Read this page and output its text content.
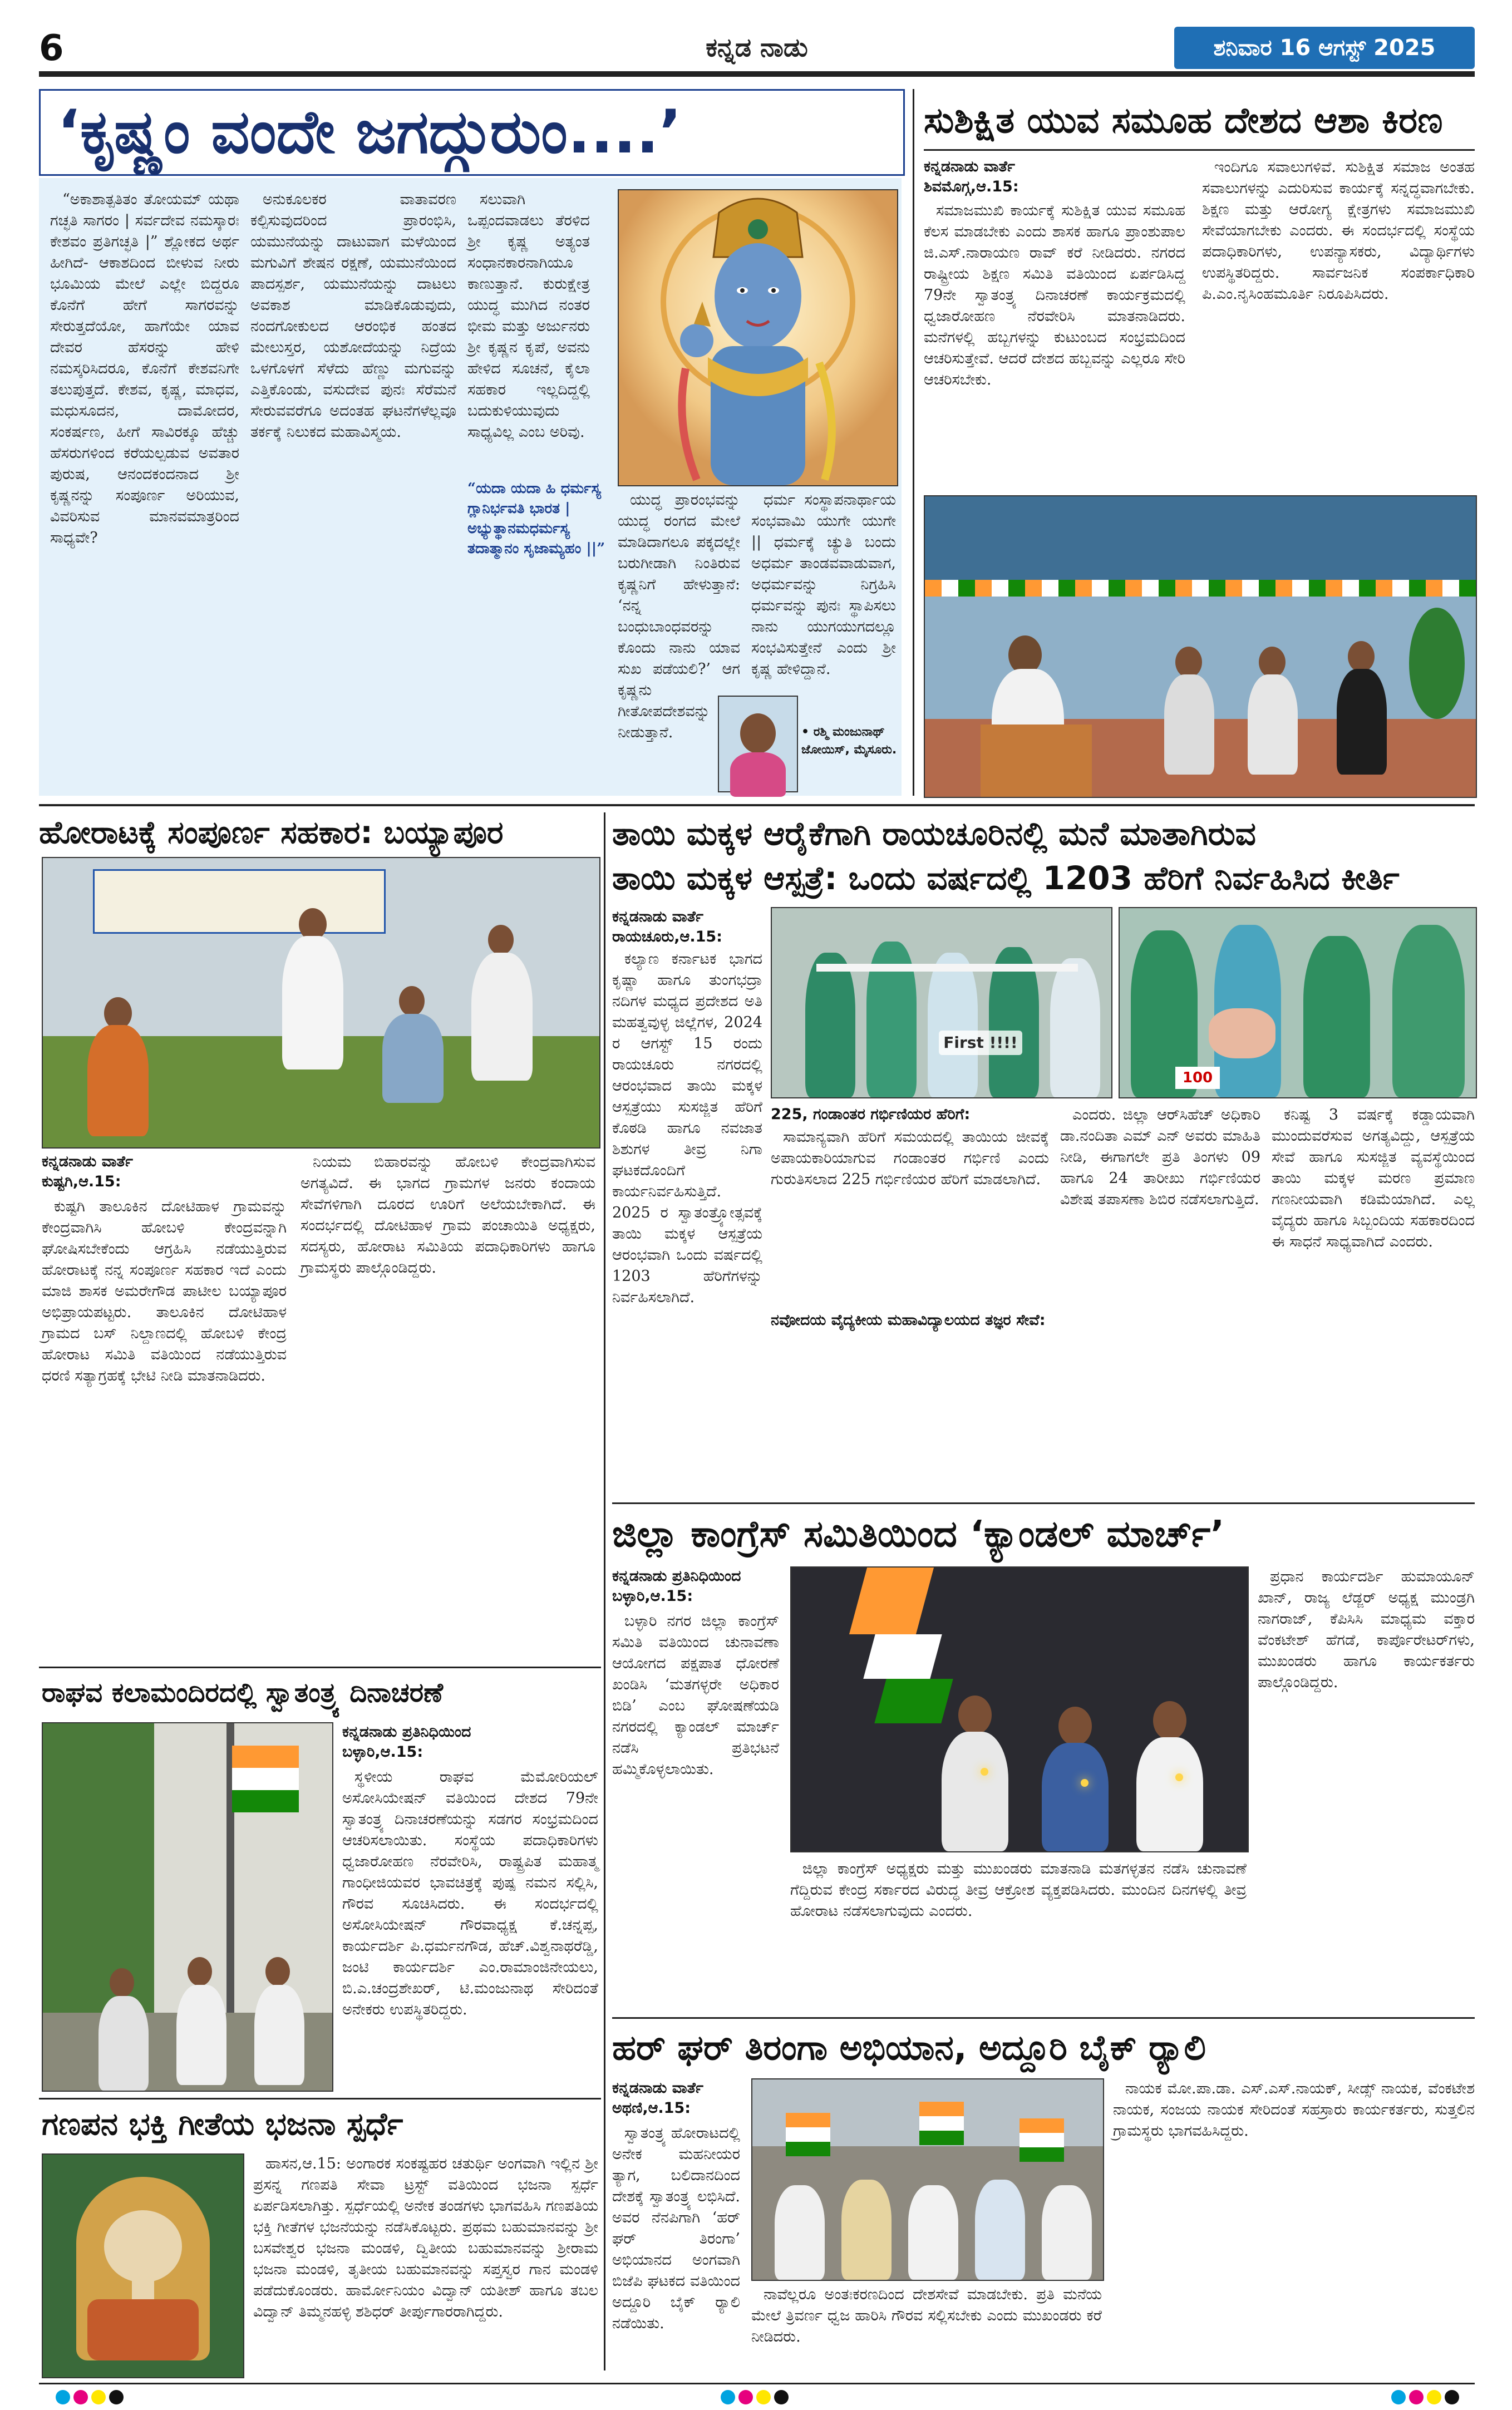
6	ಕನ್ನಡ ನಾಡು	ಶನಿವಾರ 16 ಆಗಸ್ಟ್ 2025
‘ಕೃಷ್ಣಂ ವಂದೇ ಜಗದ್ಗುರುಂ....’

“ಅಕಾಶಾತ್ಪತಿತಂ ತೋಯಮ್ ಯಥಾ ಗಚ್ಛತಿ ಸಾಗರಂ | ಸರ್ವದೇವ ನಮಸ್ಕಾರಃ ಕೇಶವಂ ಪ್ರತಿಗಚ್ಛತಿ |” ಶ್ಲೋಕದ ಅರ್ಥ ಹೀಗಿದೆ- ಆಕಾಶದಿಂದ ಬೀಳುವ ನೀರು ಭೂಮಿಯ ಮೇಲೆ ಎಲ್ಲೇ ಬಿದ್ದರೂ ಕೊನೆಗೆ ಹೇಗೆ ಸಾಗರವನ್ನು ಸೇರುತ್ತದೆಯೋ, ಹಾಗೆಯೇ ಯಾವ ದೇವರ ಹೆಸರನ್ನು ಹೇಳಿ ನಮಸ್ಕರಿಸಿದರೂ, ಕೊನೆಗೆ ಕೇಶವನಿಗೇ ತಲುಪುತ್ತದೆ. ಕೇಶವ, ಕೃಷ್ಣ, ಮಾಧವ, ಮಧುಸೂದನ, ದಾಮೋದರ, ಸಂಕರ್ಷಣ, ಹೀಗೆ ಸಾವಿರಕ್ಕೂ ಹೆಚ್ಚು ಹೆಸರುಗಳಿಂದ ಕರೆಯಲ್ಪಡುವ ಅವತಾರ ಪುರುಷ, ಆನಂದಕಂದನಾದ ಶ್ರೀ ಕೃಷ್ಣನನ್ನು ಸಂಪೂರ್ಣ ಅರಿಯುವ, ವಿವರಿಸುವ ಮಾನವಮಾತ್ರರಿಂದ ಸಾಧ್ಯವೇ?

ಅನುಕೂಲಕರ ವಾತಾವರಣ ಕಲ್ಪಿಸುವುದರಿಂದ ಪ್ರಾರಂಭಿಸಿ, ಯಮುನೆಯನ್ನು ದಾಟುವಾಗ ಮಳೆಯಿಂದ ಮಗುವಿಗೆ ಶೇಷನ ರಕ್ಷಣೆ, ಯಮುನೆಯಿಂದ ಪಾದಸ್ಪರ್ಶ, ಯಮುನೆಯನ್ನು ದಾಟಲು ಅವಕಾಶ ಮಾಡಿಕೊಡುವುದು, ನಂದಗೋಕುಲದ ಆರಂಭಿಕ ಹಂತದ ಮೇಲುಸ್ತರ, ಯಶೋದೆಯನ್ನು ನಿದ್ರೆಯ ಒಳಗೊಳಗೆ ಸೆಳೆದು ಹೆಣ್ಣು ಮಗುವನ್ನು ಎತ್ತಿಕೊಂಡು, ವಸುದೇವ ಪುನಃ ಸೆರೆಮನೆ ಸೇರುವವರೆಗೂ ಅದಂತಹ ಘಟನೆಗಳೆಲ್ಲವೂ ತರ್ಕಕ್ಕೆ ನಿಲುಕದ ಮಹಾವಿಸ್ಮಯ.

ಸಲುವಾಗಿ ಒಪ್ಪಂದವಾಡಲು ತೆರಳಿದ ಶ್ರೀ ಕೃಷ್ಣ ಅತ್ಯಂತ ಸಂಧಾನಕಾರನಾಗಿಯೂ ಕಾಣುತ್ತಾನೆ. ಕುರುಕ್ಷೇತ್ರ ಯುದ್ಧ ಮುಗಿದ ನಂತರ ಭೀಮ ಮತ್ತು ಅರ್ಜುನರು ಶ್ರೀ ಕೃಷ್ಣನ ಕೃಪೆ, ಅವನು ಹೇಳಿದ ಸೂಚನೆ, ಕೈಲಾ ಸಹಕಾರ ಇಲ್ಲದಿದ್ದಲ್ಲಿ ಬದುಕುಳಿಯುವುದು ಸಾಧ್ಯವಿಲ್ಲ ಎಂಬ ಅರಿವು.

ಯುದ್ಧ ಪ್ರಾರಂಭವನ್ನು ಯುದ್ಧ ರಂಗದ ಮೇಲೆ ಮಾಡಿದಾಗಲೂ ಪಕ್ಕದಲ್ಲೇ ಬರುಗೀಡಾಗಿ ನಿಂತಿರುವ ಕೃಷ್ಣನಿಗೆ ಹೇಳುತ್ತಾನೆ: ‘ನನ್ನ ಬಂಧುಬಾಂಧವರನ್ನು ಕೊಂದು ನಾನು ಯಾವ ಸುಖ ಪಡೆಯಲಿ?’ ಆಗ ಕೃಷ್ಣನು ಗೀತೋಪದೇಶವನ್ನು ನೀಡುತ್ತಾನೆ.

ಧರ್ಮ ಸಂಸ್ಥಾಪನಾರ್ಥಾಯ ಸಂಭವಾಮಿ ಯುಗೇ ಯುಗೇ || ಧರ್ಮಕ್ಕೆ ಚ್ಯುತಿ ಬಂದು ಅಧರ್ಮ ತಾಂಡವವಾಡುವಾಗ, ಅಧರ್ಮವನ್ನು ನಿಗ್ರಹಿಸಿ ಧರ್ಮವನ್ನು ಪುನಃ ಸ್ಥಾಪಿಸಲು ನಾನು ಯುಗಯುಗದಲ್ಲೂ ಸಂಭವಿಸುತ್ತೇನೆ ಎಂದು ಶ್ರೀ ಕೃಷ್ಣ ಹೇಳಿದ್ದಾನೆ.

“ಯದಾ ಯದಾ ಹಿ ಧರ್ಮಸ್ಯ ಗ್ಲಾನಿರ್ಭವತಿ ಭಾರತ | ಅಭ್ಯುತ್ಥಾನಮಧರ್ಮಸ್ಯ ತದಾತ್ಮಾನಂ ಸೃಜಾಮ್ಯಹಂ ||”
• ರಶ್ಮಿ ಮಂಜುನಾಥ್ ಜೋಯಿಸ್, ಮೈಸೂರು.
ಸುಶಿಕ್ಷಿತ ಯುವ ಸಮೂಹ ದೇಶದ ಆಶಾ ಕಿರಣ
ಕನ್ನಡನಾಡು ವಾರ್ತೆ
ಶಿವಮೊಗ್ಗ,ಆ.15:

ಸಮಾಜಮುಖಿ ಕಾರ್ಯಕ್ಕೆ ಸುಶಿಕ್ಷಿತ ಯುವ ಸಮೂಹ ಕೆಲಸ ಮಾಡಬೇಕು ಎಂದು ಶಾಸಕ ಹಾಗೂ ಪ್ರಾಂಶುಪಾಲ ಜಿ.ಎಸ್.ನಾರಾಯಣ ರಾವ್ ಕರೆ ನೀಡಿದರು. ನಗರದ ರಾಷ್ಟ್ರೀಯ ಶಿಕ್ಷಣ ಸಮಿತಿ ವತಿಯಿಂದ ಏರ್ಪಡಿಸಿದ್ದ 79ನೇ ಸ್ವಾತಂತ್ರ್ಯ ದಿನಾಚರಣೆ ಕಾರ್ಯಕ್ರಮದಲ್ಲಿ ಧ್ವಜಾರೋಹಣ ನೆರವೇರಿಸಿ ಮಾತನಾಡಿದರು. ಮನೆಗಳಲ್ಲಿ ಹಬ್ಬಗಳನ್ನು ಕುಟುಂಬದ ಸಂಭ್ರಮದಿಂದ ಆಚರಿಸುತ್ತೇವೆ. ಆದರೆ ದೇಶದ ಹಬ್ಬವನ್ನು ಎಲ್ಲರೂ ಸೇರಿ ಆಚರಿಸಬೇಕು.

ಇಂದಿಗೂ ಸವಾಲುಗಳಿವೆ. ಸುಶಿಕ್ಷಿತ ಸಮಾಜ ಅಂತಹ ಸವಾಲುಗಳನ್ನು ಎದುರಿಸುವ ಕಾರ್ಯಕ್ಕೆ ಸನ್ನದ್ಧವಾಗಬೇಕು. ಶಿಕ್ಷಣ ಮತ್ತು ಆರೋಗ್ಯ ಕ್ಷೇತ್ರಗಳು ಸಮಾಜಮುಖಿ ಸೇವೆಯಾಗಬೇಕು ಎಂದರು. ಈ ಸಂದರ್ಭದಲ್ಲಿ ಸಂಸ್ಥೆಯ ಪದಾಧಿಕಾರಿಗಳು, ಉಪನ್ಯಾಸಕರು, ವಿದ್ಯಾರ್ಥಿಗಳು ಉಪಸ್ಥಿತರಿದ್ದರು. ಸಾರ್ವಜನಿಕ ಸಂಪರ್ಕಾಧಿಕಾರಿ ಪಿ.ಎಂ.ನೃಸಿಂಹಮೂರ್ತಿ ನಿರೂಪಿಸಿದರು.

ಹೋರಾಟಕ್ಕೆ ಸಂಪೂರ್ಣ ಸಹಕಾರ: ಬಯ್ಯಾಪೂರ
ಕನ್ನಡನಾಡು ವಾರ್ತೆ
ಕುಷ್ಟಗಿ,ಆ.15:

ಕುಷ್ಟಗಿ ತಾಲೂಕಿನ ದೋಟಿಹಾಳ ಗ್ರಾಮವನ್ನು ಕೇಂದ್ರವಾಗಿಸಿ ಹೋಬಳಿ ಕೇಂದ್ರವನ್ನಾಗಿ ಘೋಷಿಸಬೇಕೆಂದು ಆಗ್ರಹಿಸಿ ನಡೆಯುತ್ತಿರುವ ಹೋರಾಟಕ್ಕೆ ನನ್ನ ಸಂಪೂರ್ಣ ಸಹಕಾರ ಇದೆ ಎಂದು ಮಾಜಿ ಶಾಸಕ ಅಮರೇಗೌಡ ಪಾಟೀಲ ಬಯ್ಯಾಪೂರ ಅಭಿಪ್ರಾಯಪಟ್ಟರು. ತಾಲೂಕಿನ ದೋಟಿಹಾಳ ಗ್ರಾಮದ ಬಸ್ ನಿಲ್ದಾಣದಲ್ಲಿ ಹೋಬಳಿ ಕೇಂದ್ರ ಹೋರಾಟ ಸಮಿತಿ ವತಿಯಿಂದ ನಡೆಯುತ್ತಿರುವ ಧರಣಿ ಸತ್ಯಾಗ್ರಹಕ್ಕೆ ಭೇಟಿ ನೀಡಿ ಮಾತನಾಡಿದರು.

ನಿಯಮ ಬಿಹಾರವನ್ನು ಹೋಬಳಿ ಕೇಂದ್ರವಾಗಿಸುವ ಅಗತ್ಯವಿದೆ. ಈ ಭಾಗದ ಗ್ರಾಮಗಳ ಜನರು ಕಂದಾಯ ಸೇವೆಗಳಿಗಾಗಿ ದೂರದ ಊರಿಗೆ ಅಲೆಯಬೇಕಾಗಿದೆ. ಈ ಸಂದರ್ಭದಲ್ಲಿ ದೋಟಿಹಾಳ ಗ್ರಾಮ ಪಂಚಾಯಿತಿ ಅಧ್ಯಕ್ಷರು, ಸದಸ್ಯರು, ಹೋರಾಟ ಸಮಿತಿಯ ಪದಾಧಿಕಾರಿಗಳು ಹಾಗೂ ಗ್ರಾಮಸ್ಥರು ಪಾಲ್ಗೊಂಡಿದ್ದರು.

ರಾಘವ ಕಲಾಮಂದಿರದಲ್ಲಿ ಸ್ವಾತಂತ್ರ್ಯ ದಿನಾಚರಣೆ
ಕನ್ನಡನಾಡು ಪ್ರತಿನಿಧಿಯಿಂದ
ಬಳ್ಳಾರಿ,ಆ.15:

ಸ್ಥಳೀಯ ರಾಘವ ಮೆಮೋರಿಯಲ್ ಅಸೋಸಿಯೇಷನ್ ವತಿಯಿಂದ ದೇಶದ 79ನೇ ಸ್ವಾತಂತ್ರ್ಯ ದಿನಾಚರಣೆಯನ್ನು ಸಡಗರ ಸಂಭ್ರಮದಿಂದ ಆಚರಿಸಲಾಯಿತು. ಸಂಸ್ಥೆಯ ಪದಾಧಿಕಾರಿಗಳು ಧ್ವಜಾರೋಹಣ ನೆರವೇರಿಸಿ, ರಾಷ್ಟ್ರಪಿತ ಮಹಾತ್ಮ ಗಾಂಧೀಜಿಯವರ ಭಾವಚಿತ್ರಕ್ಕೆ ಪುಷ್ಪ ನಮನ ಸಲ್ಲಿಸಿ, ಗೌರವ ಸೂಚಿಸಿದರು. ಈ ಸಂದರ್ಭದಲ್ಲಿ ಅಸೋಸಿಯೇಷನ್ ಗೌರವಾಧ್ಯಕ್ಷ ಕೆ.ಚನ್ನಪ್ಪ, ಕಾರ್ಯದರ್ಶಿ ಪಿ.ಧರ್ಮನಗೌಡ, ಹೆಚ್.ವಿಶ್ವನಾಥರೆಡ್ಡಿ, ಜಂಟಿ ಕಾರ್ಯದರ್ಶಿ ಎಂ.ರಾಮಾಂಜಿನೇಯಲು, ಬಿ.ಎ.ಚಂದ್ರಶೇಖರ್, ಟಿ.ಮಂಜುನಾಥ ಸೇರಿದಂತೆ ಅನೇಕರು ಉಪಸ್ಥಿತರಿದ್ದರು.

ಗಣಪನ ಭಕ್ತಿ ಗೀತೆಯ ಭಜನಾ ಸ್ಪರ್ಧೆ

ಹಾಸನ,ಆ.15: ಅಂಗಾರಕ ಸಂಕಷ್ಟಹರ ಚತುರ್ಥಿ ಅಂಗವಾಗಿ ಇಲ್ಲಿನ ಶ್ರೀ ಪ್ರಸನ್ನ ಗಣಪತಿ ಸೇವಾ ಟ್ರಸ್ಟ್ ವತಿಯಿಂದ ಭಜನಾ ಸ್ಪರ್ಧೆ ಏರ್ಪಡಿಸಲಾಗಿತ್ತು. ಸ್ಪರ್ಧೆಯಲ್ಲಿ ಅನೇಕ ತಂಡಗಳು ಭಾಗವಹಿಸಿ ಗಣಪತಿಯ ಭಕ್ತಿ ಗೀತೆಗಳ ಭಜನೆಯನ್ನು ನಡೆಸಿಕೊಟ್ಟರು. ಪ್ರಥಮ ಬಹುಮಾನವನ್ನು ಶ್ರೀ ಬಸವೇಶ್ವರ ಭಜನಾ ಮಂಡಳಿ, ದ್ವಿತೀಯ ಬಹುಮಾನವನ್ನು ಶ್ರೀರಾಮ ಭಜನಾ ಮಂಡಳಿ, ತೃತೀಯ ಬಹುಮಾನವನ್ನು ಸಪ್ತಸ್ವರ ಗಾನ ಮಂಡಳಿ ಪಡೆದುಕೊಂಡರು. ಹಾರ್ಮೋನಿಯಂ ವಿದ್ವಾನ್ ಯತೀಶ್ ಹಾಗೂ ತಬಲ ವಿದ್ವಾನ್ ತಿಮ್ಮನಹಳ್ಳಿ ಶಶಿಧರ್ ತೀರ್ಪುಗಾರರಾಗಿದ್ದರು.

ತಾಯಿ ಮಕ್ಕಳ ಆರೈಕೆಗಾಗಿ ರಾಯಚೂರಿನಲ್ಲಿ ಮನೆ ಮಾತಾಗಿರುವ
ತಾಯಿ ಮಕ್ಕಳ ಆಸ್ಪತ್ರೆ: ಒಂದು ವರ್ಷದಲ್ಲಿ 1203 ಹೆರಿಗೆ ನಿರ್ವಹಿಸಿದ ಕೀರ್ತಿ
ಕನ್ನಡನಾಡು ವಾರ್ತೆ
ರಾಯಚೂರು,ಆ.15:

ಕಲ್ಯಾಣ ಕರ್ನಾಟಕ ಭಾಗದ ಕೃಷ್ಣಾ ಹಾಗೂ ತುಂಗಭದ್ರಾ ನದಿಗಳ ಮಧ್ಯದ ಪ್ರದೇಶದ ಅತಿ ಮಹತ್ವವುಳ್ಳ ಜಿಲ್ಲೆಗಳ, 2024 ರ ಆಗಸ್ಟ್ 15 ರಂದು ರಾಯಚೂರು ನಗರದಲ್ಲಿ ಆರಂಭವಾದ ತಾಯಿ ಮಕ್ಕಳ ಆಸ್ಪತ್ರೆಯು ಸುಸಜ್ಜಿತ ಹೆರಿಗೆ ಕೊಠಡಿ ಹಾಗೂ ನವಜಾತ ಶಿಶುಗಳ ತೀವ್ರ ನಿಗಾ ಘಟಕದೊಂದಿಗೆ ಕಾರ್ಯನಿರ್ವಹಿಸುತ್ತಿದೆ. 2025 ರ ಸ್ವಾತಂತ್ರ್ಯೋತ್ಸವಕ್ಕೆ ತಾಯಿ ಮಕ್ಕಳ ಆಸ್ಪತ್ರೆಯ ಆರಂಭವಾಗಿ ಒಂದು ವರ್ಷದಲ್ಲಿ 1203 ಹೆರಿಗೆಗಳನ್ನು ನಿರ್ವಹಿಸಲಾಗಿದೆ.

First !!!!
100
225, ಗಂಡಾಂತರ ಗರ್ಭಿಣಿಯರ ಹೆರಿಗೆ:

ಸಾಮಾನ್ಯವಾಗಿ ಹೆರಿಗೆ ಸಮಯದಲ್ಲಿ ತಾಯಿಯ ಜೀವಕ್ಕೆ ಅಪಾಯಕಾರಿಯಾಗುವ ಗಂಡಾಂತರ ಗರ್ಭಿಣಿ ಎಂದು ಗುರುತಿಸಲಾದ 225 ಗರ್ಭಿಣಿಯರ ಹೆರಿಗೆ ಮಾಡಲಾಗಿದೆ.

ನವೋದಯ ವೈದ್ಯಕೀಯ ಮಹಾವಿದ್ಯಾಲಯದ ತಜ್ಞರ ಸೇವೆ:

ಎಂದರು. ಜಿಲ್ಲಾ ಆರ್‌ಸಿಹೆಚ್ ಅಧಿಕಾರಿ ಡಾ.ನಂದಿತಾ ಎಮ್ ಎನ್ ಅವರು ಮಾಹಿತಿ ನೀಡಿ, ಈಗಾಗಲೇ ಪ್ರತಿ ತಿಂಗಳು 09 ಹಾಗೂ 24 ತಾರೀಖು ಗರ್ಭಿಣಿಯರ ವಿಶೇಷ ತಪಾಸಣಾ ಶಿಬಿರ ನಡೆಸಲಾಗುತ್ತಿದೆ.

ಕನಿಷ್ಟ 3 ವರ್ಷಕ್ಕೆ ಕಡ್ಡಾಯವಾಗಿ ಮುಂದುವರೆಸುವ ಅಗತ್ಯವಿದ್ದು, ಆಸ್ಪತ್ರೆಯ ಸೇವೆ ಹಾಗೂ ಸುಸಜ್ಜಿತ ವ್ಯವಸ್ಥೆಯಿಂದ ತಾಯಿ ಮಕ್ಕಳ ಮರಣ ಪ್ರಮಾಣ ಗಣನೀಯವಾಗಿ ಕಡಿಮೆಯಾಗಿದೆ. ಎಲ್ಲ ವೈದ್ಯರು ಹಾಗೂ ಸಿಬ್ಬಂದಿಯ ಸಹಕಾರದಿಂದ ಈ ಸಾಧನೆ ಸಾಧ್ಯವಾಗಿದೆ ಎಂದರು.

ಜಿಲ್ಲಾ ಕಾಂಗ್ರೆಸ್ ಸಮಿತಿಯಿಂದ ‘ಕ್ಯಾಂಡಲ್ ಮಾರ್ಚ್’
ಕನ್ನಡನಾಡು ಪ್ರತಿನಿಧಿಯಿಂದ
ಬಳ್ಳಾರಿ,ಆ.15:

ಬಳ್ಳಾರಿ ನಗರ ಜಿಲ್ಲಾ ಕಾಂಗ್ರೆಸ್ ಸಮಿತಿ ವತಿಯಿಂದ ಚುನಾವಣಾ ಆಯೋಗದ ಪಕ್ಷಪಾತ ಧೋರಣೆ ಖಂಡಿಸಿ ‘ಮತಗಳ್ಳರೇ ಅಧಿಕಾರ ಬಿಡಿ’ ಎಂಬ ಘೋಷಣೆಯಡಿ ನಗರದಲ್ಲಿ ಕ್ಯಾಂಡಲ್ ಮಾರ್ಚ್ ನಡೆಸಿ ಪ್ರತಿಭಟನೆ ಹಮ್ಮಿಕೊಳ್ಳಲಾಯಿತು.

ಜಿಲ್ಲಾ ಕಾಂಗ್ರೆಸ್ ಅಧ್ಯಕ್ಷರು ಮತ್ತು ಮುಖಂಡರು ಮಾತನಾಡಿ ಮತಗಳ್ಳತನ ನಡೆಸಿ ಚುನಾವಣೆ ಗೆದ್ದಿರುವ ಕೇಂದ್ರ ಸರ್ಕಾರದ ವಿರುದ್ಧ ತೀವ್ರ ಆಕ್ರೋಶ ವ್ಯಕ್ತಪಡಿಸಿದರು. ಮುಂದಿನ ದಿನಗಳಲ್ಲಿ ತೀವ್ರ ಹೋರಾಟ ನಡೆಸಲಾಗುವುದು ಎಂದರು.

ಪ್ರಧಾನ ಕಾರ್ಯದರ್ಶಿ ಹುಮಾಯೂನ್ ಖಾನ್, ರಾಜ್ಯ ಲೆಡ್ಜರ್ ಅಧ್ಯಕ್ಷ ಮುಂಡ್ರಗಿ ನಾಗರಾಜ್, ಕೆಪಿಸಿಸಿ ಮಾಧ್ಯಮ ವಕ್ತಾರ ವೆಂಕಟೇಶ್ ಹೆಗಡೆ, ಕಾರ್ಪೊರೇಟರ್‌ಗಳು, ಮುಖಂಡರು ಹಾಗೂ ಕಾರ್ಯಕರ್ತರು ಪಾಲ್ಗೊಂಡಿದ್ದರು.

ಹರ್ ಘರ್ ತಿರಂಗಾ ಅಭಿಯಾನ, ಅದ್ದೂರಿ ಬೈಕ್ ರ್‍ಯಾಲಿ
ಕನ್ನಡನಾಡು ವಾರ್ತೆ
ಅಥಣಿ,ಆ.15:

ಸ್ವಾತಂತ್ರ್ಯ ಹೋರಾಟದಲ್ಲಿ ಅನೇಕ ಮಹನೀಯರ ತ್ಯಾಗ, ಬಲಿದಾನದಿಂದ ದೇಶಕ್ಕೆ ಸ್ವಾತಂತ್ರ್ಯ ಲಭಿಸಿದೆ. ಅವರ ನೆನಪಿಗಾಗಿ ‘ಹರ್ ಘರ್ ತಿರಂಗಾ’ ಅಭಿಯಾನದ ಅಂಗವಾಗಿ ಬಿಜೆಪಿ ಘಟಕದ ವತಿಯಿಂದ ಅದ್ದೂರಿ ಬೈಕ್ ರ್‍ಯಾಲಿ ನಡೆಯಿತು.

ನಾವೆಲ್ಲರೂ ಅಂತಃಕರಣದಿಂದ ದೇಶಸೇವೆ ಮಾಡಬೇಕು. ಪ್ರತಿ ಮನೆಯ ಮೇಲೆ ತ್ರಿವರ್ಣ ಧ್ವಜ ಹಾರಿಸಿ ಗೌರವ ಸಲ್ಲಿಸಬೇಕು ಎಂದು ಮುಖಂಡರು ಕರೆ ನೀಡಿದರು.

ನಾಯಕ ಮೋ.ಪಾ.ಡಾ. ಎಸ್.ಎಸ್.ನಾಯಕ್, ಸೀಡ್ಸ್ ನಾಯಕ, ವೆಂಕಟೇಶ ನಾಯಕ, ಸಂಜಯ ನಾಯಕ ಸೇರಿದಂತೆ ಸಹಸ್ರಾರು ಕಾರ್ಯಕರ್ತರು, ಸುತ್ತಲಿನ ಗ್ರಾಮಸ್ಥರು ಭಾಗವಹಿಸಿದ್ದರು.
